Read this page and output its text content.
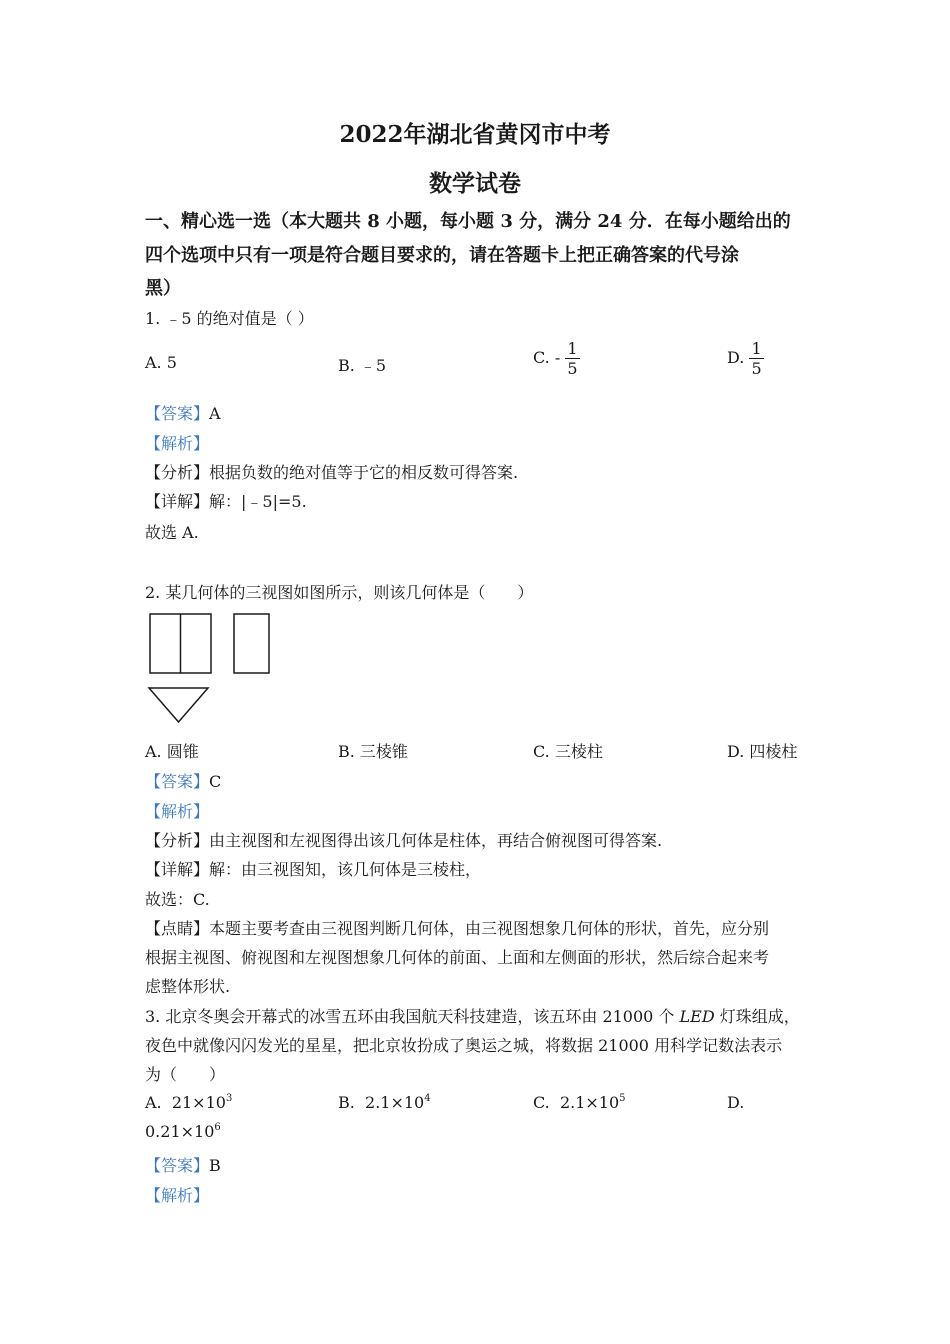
2022年湖北省黄冈市中考
数学试卷
一、精心选一选（本大题共 8 小题，每小题 3 分，满分 24 分．在每小题给出的
四个选项中只有一项是符合题目要求的，请在答题卡上把正确答案的代号涂
黑）
1. ﹣5 的绝对值是（ ）
A. 5	B. ﹣5	C. - $\frac{1}{5}$	D. $\frac{1}{5}$
【答案】A
【解析】
【分析】根据负数的绝对值等于它的相反数可得答案.
【详解】解：|﹣5|=5.
故选 A.
2. 某几何体的三视图如图所示，则该几何体是（　　）
A. 圆锥	B. 三棱锥	C. 三棱柱	D. 四棱柱
【答案】C
【解析】
【分析】由主视图和左视图得出该几何体是柱体，再结合俯视图可得答案.
【详解】解：由三视图知，该几何体是三棱柱，
故选：C.
【点睛】本题主要考查由三视图判断几何体，由三视图想象几何体的形状，首先，应分别
根据主视图、俯视图和左视图想象几何体的前面、上面和左侧面的形状，然后综合起来考
虑整体形状.
3. 北京冬奥会开幕式的冰雪五环由我国航天科技建造，该五环由 21000 个 LED 灯珠组成，
夜色中就像闪闪发光的星星，把北京妆扮成了奥运之城，将数据 21000 用科学记数法表示
为（　　）
A. $21\times 10^3$	B. $2.1\times 10^4$	C. $2.1\times 10^5$	D.
$0.21\times 10^6$
【答案】B
【解析】
